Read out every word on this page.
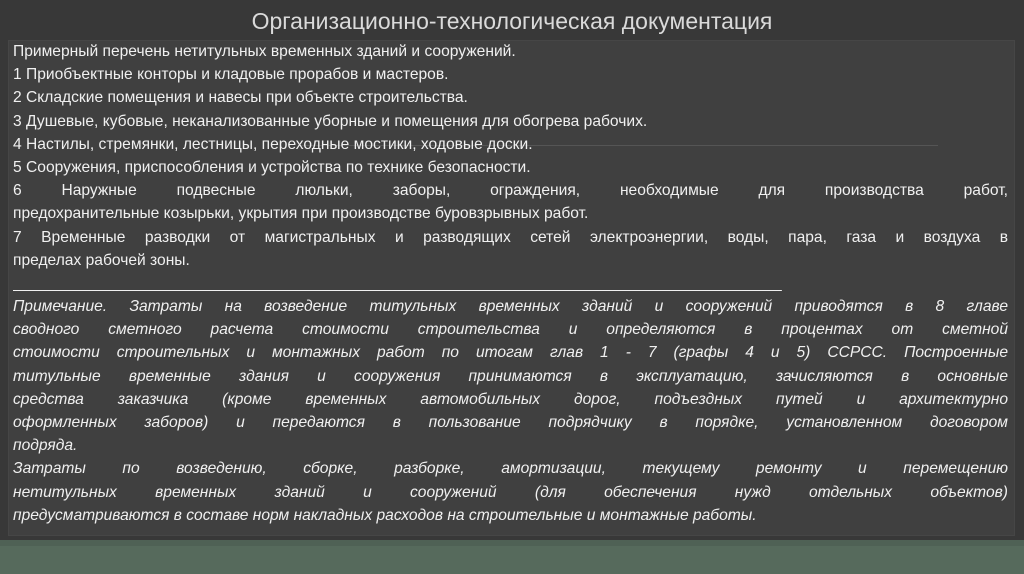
Организационно-технологическая документация
Примерный перечень нетитульных временных зданий и сооружений.
1 Приобъектные конторы и кладовые прорабов и мастеров.
2 Складские помещения и навесы при объекте строительства.
3 Душевые, кубовые, неканализованные уборные и помещения для обогрева рабочих.
4 Настилы, стремянки, лестницы, переходные мостики, ходовые доски.
5 Сооружения, приспособления и устройства по технике безопасности.
6 Наружные подвесные люльки, заборы, ограждения, необходимые для производства работ,
предохранительные козырьки, укрытия при производстве буровзрывных работ.
7 Временные разводки от магистральных и разводящих сетей электроэнергии, воды, пара, газа и воздуха в
пределах рабочей зоны.
______________________________________________________________________________________________
Примечание. Затраты на возведение титульных временных зданий и сооружений приводятся в 8 главе
сводного сметного расчета стоимости строительства и определяются в процентах от сметной
стоимости строительных и монтажных работ по итогам глав 1 - 7 (графы 4 и 5) ССРСС. Построенные
титульные временные здания и сооружения принимаются в эксплуатацию, зачисляются в основные
средства заказчика (кроме временных автомобильных дорог, подъездных путей и архитектурно
оформленных заборов) и передаются в пользование подрядчику в порядке, установленном договором
подряда.
Затраты по возведению, сборке, разборке, амортизации, текущему ремонту и перемещению
нетитульных временных зданий и сооружений (для обеспечения нужд отдельных объектов)
предусматриваются в составе норм накладных расходов на строительные и монтажные работы.
